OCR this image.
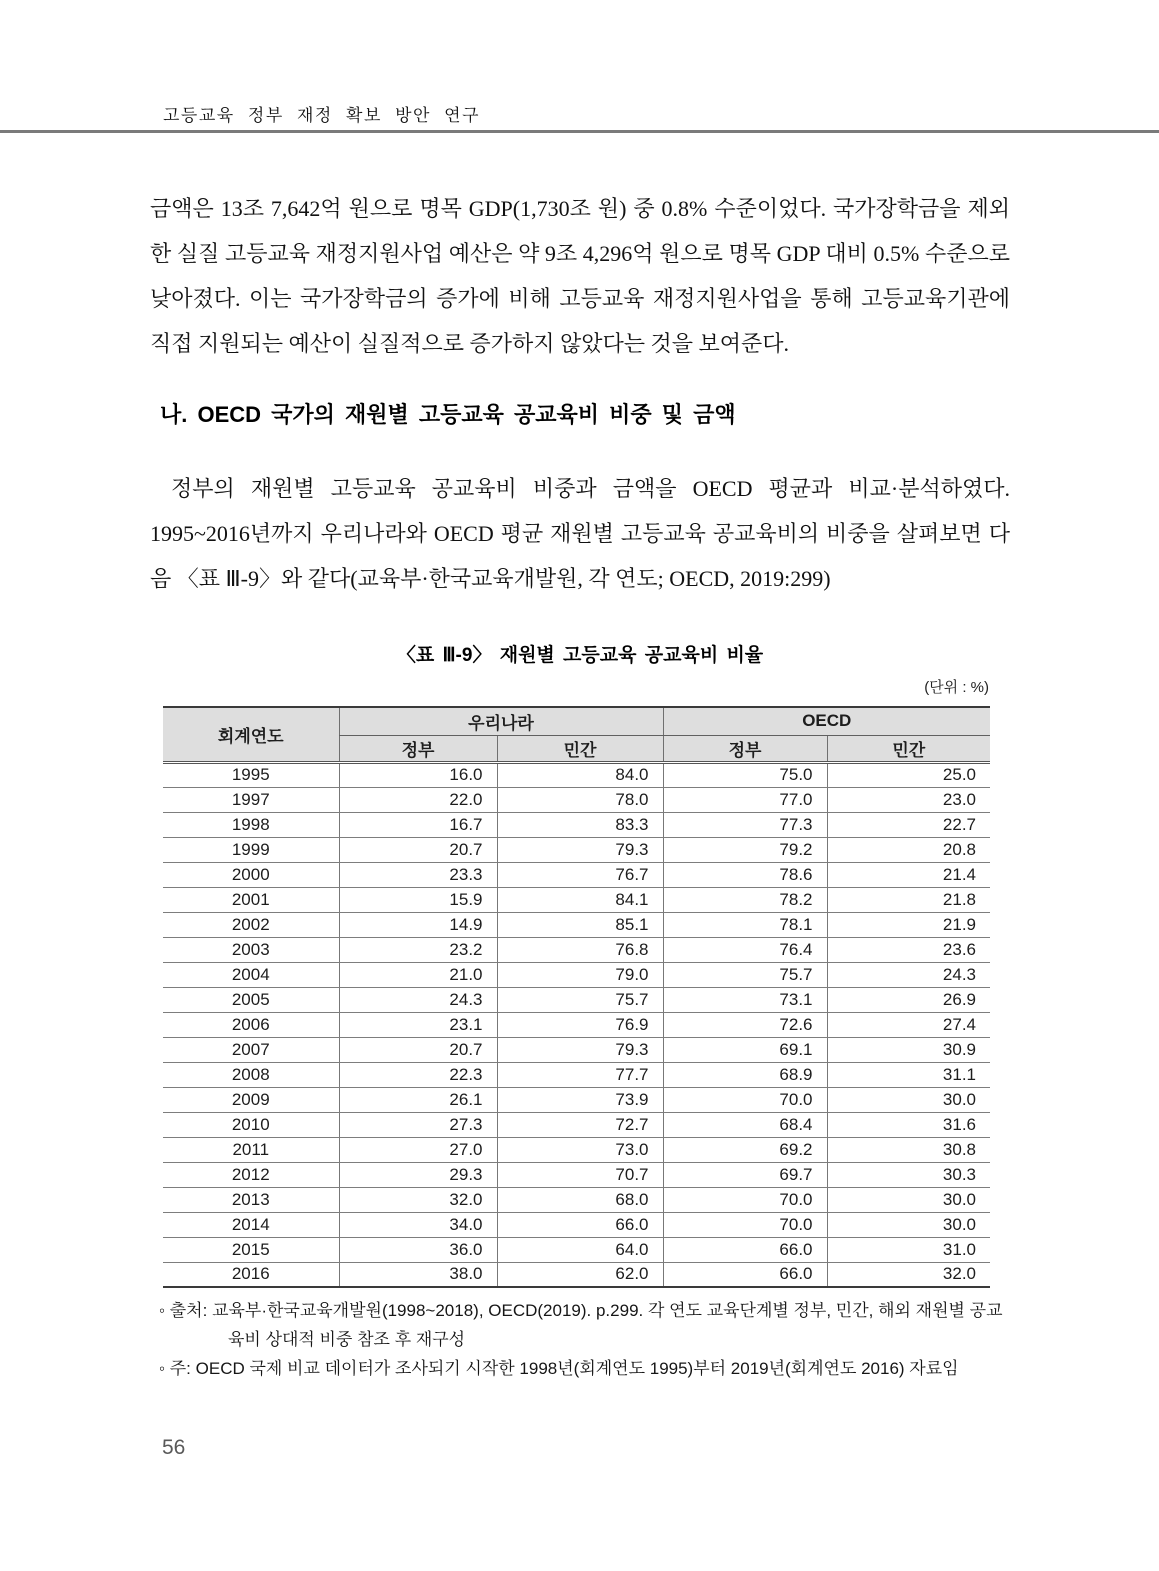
고등교육 정부 재정 확보 방안 연구

금액은 13조 7,642억 원으로 명목 GDP(1,730조 원) 중 0.8% 수준이었다. 국가장학금을 제외한 실질 고등교육 재정지원사업 예산은 약 9조 4,296억 원으로 명목 GDP 대비 0.5% 수준으로 낮아졌다. 이는 국가장학금의 증가에 비해 고등교육 재정지원사업을 통해 고등교육기관에 직접 지원되는 예산이 실질적으로 증가하지 않았다는 것을 보여준다.

나. OECD 국가의 재원별 고등교육 공교육비 비중 및 금액

정부의 재원별 고등교육 공교육비 비중과 금액을 OECD 평균과 비교·분석하였다. 1995~2016년까지 우리나라와 OECD 평균 재원별 고등교육 공교육비의 비중을 살펴보면 다음 〈표 Ⅲ-9〉와 같다(교육부·한국교육개발원, 각 연도; OECD, 2019:299)

〈표 Ⅲ-9〉 재원별 고등교육 공교육비 비율
(단위 : %)
회계연도	우리나라		OECD	
	정부	민간	정부	민간
1995	16.0	84.0	75.0	25.0
1997	22.0	78.0	77.0	23.0
1998	16.7	83.3	77.3	22.7
1999	20.7	79.3	79.2	20.8
2000	23.3	76.7	78.6	21.4
2001	15.9	84.1	78.2	21.8
2002	14.9	85.1	78.1	21.9
2003	23.2	76.8	76.4	23.6
2004	21.0	79.0	75.7	24.3
2005	24.3	75.7	73.1	26.9
2006	23.1	76.9	72.6	27.4
2007	20.7	79.3	69.1	30.9
2008	22.3	77.7	68.9	31.1
2009	26.1	73.9	70.0	30.0
2010	27.3	72.7	68.4	31.6
2011	27.0	73.0	69.2	30.8
2012	29.3	70.7	69.7	30.3
2013	32.0	68.0	70.0	30.0
2014	34.0	66.0	70.0	30.0
2015	36.0	64.0	66.0	31.0
2016	38.0	62.0	66.0	32.0
◦ 출처: 교육부·한국교육개발원(1998~2018), OECD(2019). p.299. 각 연도 교육단계별 정부, 민간, 해외 재원별 공교육비 상대적 비중 참조 후 재구성
◦ 주: OECD 국제 비교 데이터가 조사되기 시작한 1998년(회계연도 1995)부터 2019년(회계연도 2016) 자료임
56
